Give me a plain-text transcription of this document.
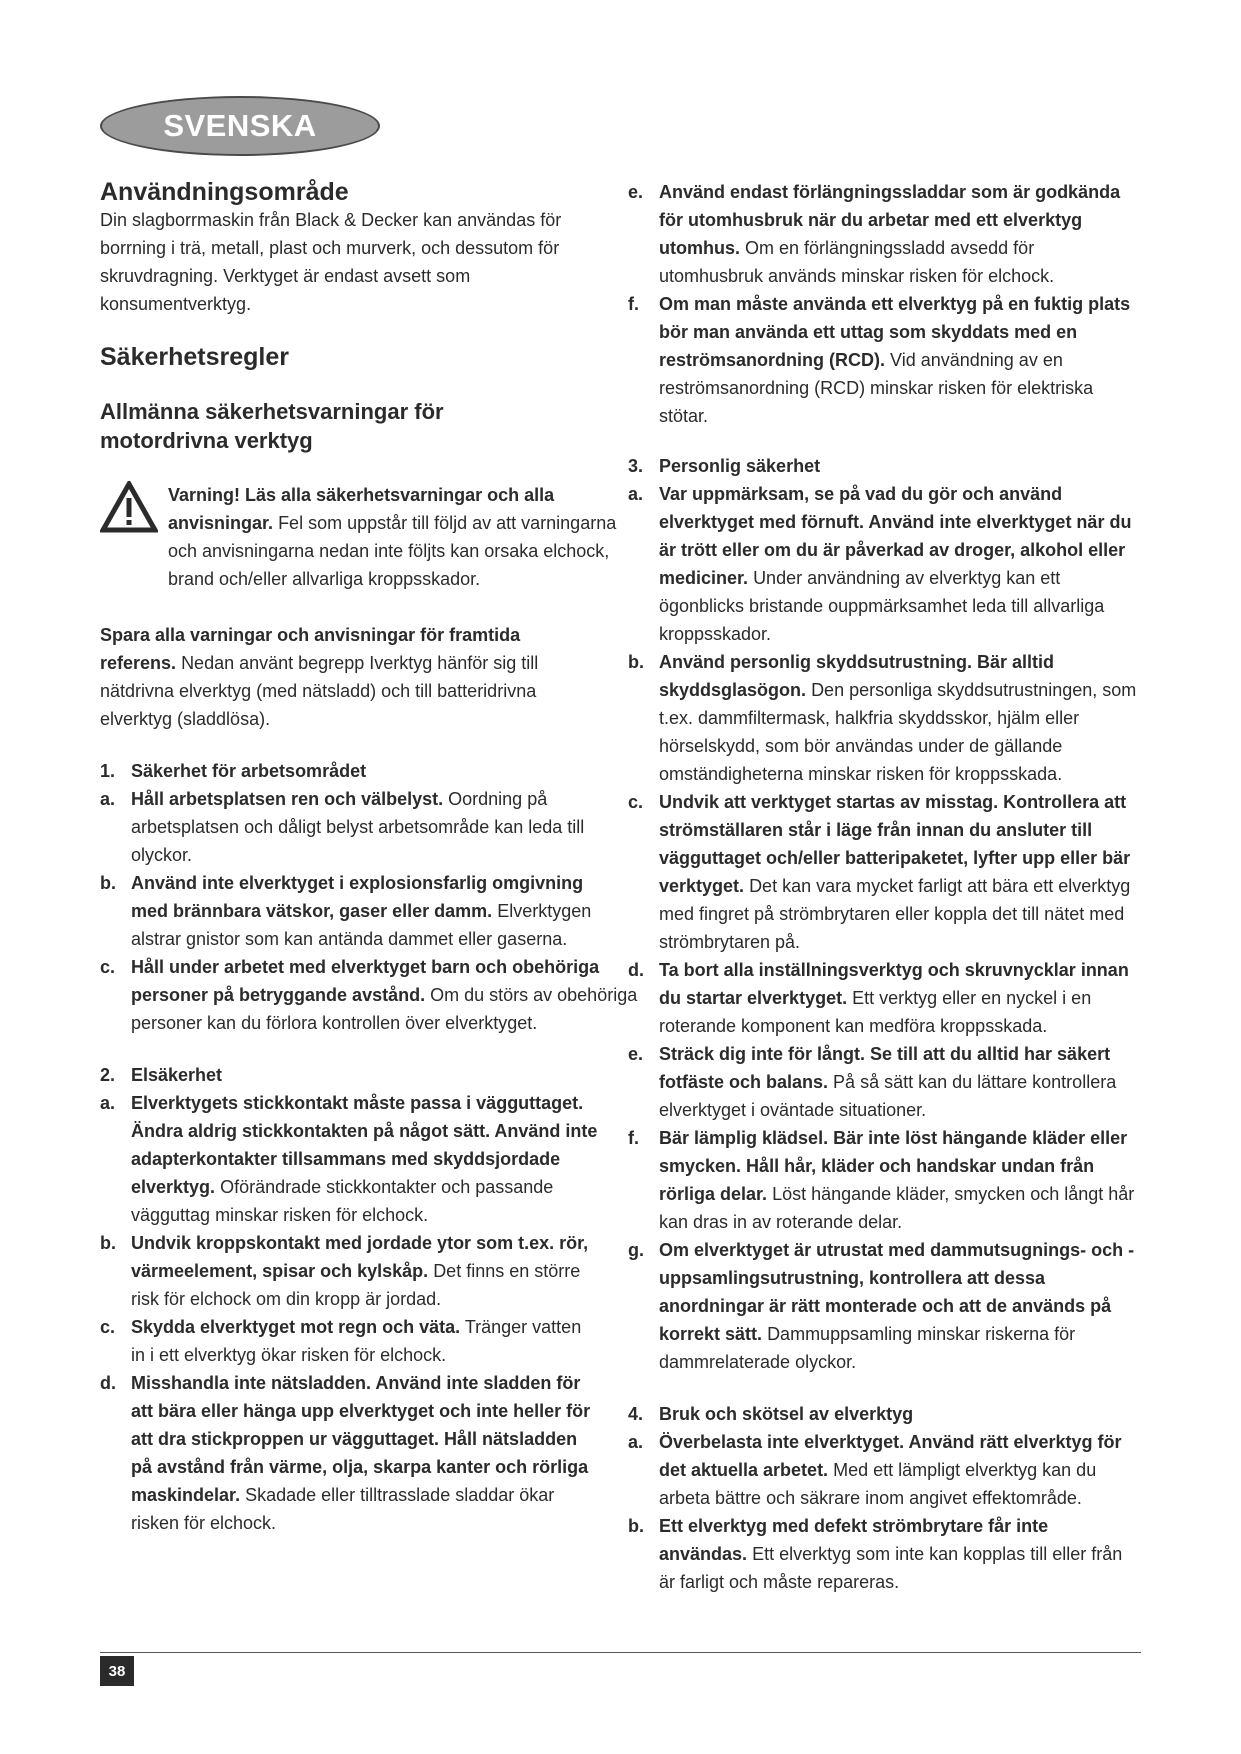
SVENSKA
Användningsområde

Din slagborrmaskin från Black & Decker kan användas för borrning i trä, metall, plast och murverk, och dessutom för skruvdragning. Verktyget är endast avsett som konsumentverktyg.

Säkerhetsregler
Allmänna säkerhetsvarningar för motordrivna verktyg
Varning! Läs alla säkerhetsvarningar och alla anvisningar. Fel som uppstår till följd av att varningarna och anvisningarna nedan inte följts kan orsaka elchock, brand och/eller allvarliga kroppsskador.

Spara alla varningar och anvisningar för framtida referens. Nedan använt begrepp Ιverktyg hänför sig till nätdrivna elverktyg (med nätsladd) och till batteridrivna elverktyg (sladdlösa).

1. Säkerhet för arbetsområdet
a. Håll arbetsplatsen ren och välbelyst. Oordning på arbetsplatsen och dåligt belyst arbetsområde kan leda till olyckor.
b. Använd inte elverktyget i explosionsfarlig omgivning med brännbara vätskor, gaser eller damm. Elverktygen alstrar gnistor som kan antända dammet eller gaserna.
c. Håll under arbetet med elverktyget barn och obehöriga personer på betryggande avstånd. Om du störs av obehöriga personer kan du förlora kontrollen över elverktyget.
2. Elsäkerhet
a. Elverktygets stickkontakt måste passa i vägguttaget. Ändra aldrig stickkontakten på något sätt. Använd inte adapterkontakter tillsammans med skyddsjordade elverktyg. Oförändrade stickkontakter och passande vägguttag minskar risken för elchock.
b. Undvik kroppskontakt med jordade ytor som t.ex. rör, värmeelement, spisar och kylskåp. Det finns en större risk för elchock om din kropp är jordad.
c. Skydda elverktyget mot regn och väta. Tränger vatten in i ett elverktyg ökar risken för elchock.
d. Misshandla inte nätsladden. Använd inte sladden för att bära eller hänga upp elverktyget och inte heller för att dra stickproppen ur vägguttaget. Håll nätsladden på avstånd från värme, olja, skarpa kanter och rörliga maskindelar. Skadade eller tilltrasslade sladdar ökar risken för elchock.
e. Använd endast förlängningssladdar som är godkända för utomhusbruk när du arbetar med ett elverktyg utomhus. Om en förlängningssladd avsedd för utomhusbruk används minskar risken för elchock.
f.	Om man måste använda ett elverktyg på en fuktig plats bör man använda ett uttag som skyddats med en reströmsanordning (RCD). Vid användning av en reströmsanordning (RCD) minskar risken för elektriska stötar.
3. Personlig säkerhet
a. Var uppmärksam, se på vad du gör och använd elverktyget med förnuft. Använd inte elverktyget när du är trött eller om du är påverkad av droger, alkohol eller mediciner. Under användning av elverktyg kan ett ögonblicks bristande ouppmärksamhet leda till allvarliga kroppsskador.
b. Använd personlig skyddsutrustning. Bär alltid skyddsglasögon. Den personliga skyddsutrustningen, som t.ex. dammfiltermask, halkfria skyddsskor, hjälm eller hörselskydd, som bör användas under de gällande omständigheterna minskar risken för kroppsskada.
c. Undvik att verktyget startas av misstag. Kontrollera att strömställaren står i läge från innan du ansluter till vägguttaget och/eller batteripaketet, lyfter upp eller bär verktyget. Det kan vara mycket farligt att bära ett elverktyg med fingret på strömbrytaren eller koppla det till nätet med strömbrytaren på.
d. Ta bort alla inställningsverktyg och skruvnycklar innan du startar elverktyget. Ett verktyg eller en nyckel i en roterande komponent kan medföra kroppsskada.
e. Sträck dig inte för långt. Se till att du alltid har säkert fotfäste och balans. På så sätt kan du lättare kontrollera elverktyget i oväntade situationer.
f.	Bär lämplig klädsel. Bär inte löst hängande kläder eller smycken. Håll hår, kläder och handskar undan från rörliga delar. Löst hängande kläder, smycken och långt hår kan dras in av roterande delar.
g. Om elverktyget är utrustat med dammutsugnings- och -uppsamlingsutrustning, kontrollera att dessa anordningar är rätt monterade och att de används på korrekt sätt. Dammuppsamling minskar riskerna för dammrelaterade olyckor.
4. Bruk och skötsel av elverktyg
a. Överbelasta inte elverktyget. Använd rätt elverktyg för det aktuella arbetet. Med ett lämpligt elverktyg kan du arbeta bättre och säkrare inom angivet effektområde.
b. Ett elverktyg med defekt strömbrytare får inte användas. Ett elverktyg som inte kan kopplas till eller från är farligt och måste repareras.
38
